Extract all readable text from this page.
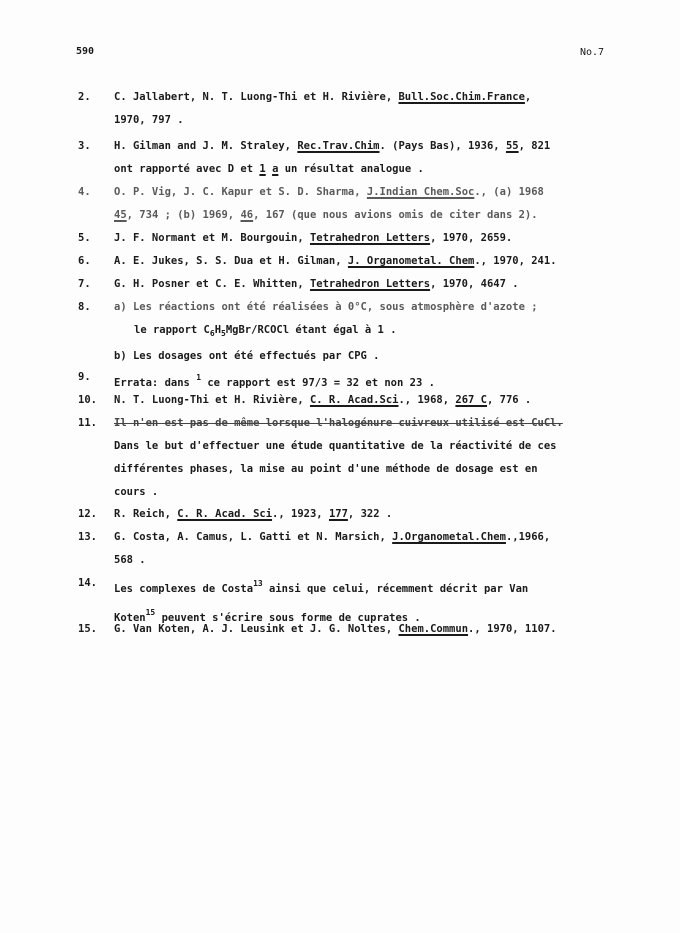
590	No.7
2.	C. Jallabert, N. T. Luong-Thi et H. Rivière, Bull.Soc.Chim.France,
1970, 797 .
3.	H. Gilman and J. M. Straley, Rec.Trav.Chim. (Pays Bas), 1936, 55, 821
ont rapporté avec D et 1 a un résultat analogue .
4.	O. P. Vig, J. C. Kapur et S. D. Sharma, J.Indian Chem.Soc., (a) 1968
45, 734 ; (b) 1969, 46, 167 (que nous avions omis de citer dans 2).
5.	J. F. Normant et M. Bourgouin, Tetrahedron Letters, 1970, 2659.
6.	A. E. Jukes, S. S. Dua et H. Gilman, J. Organometal. Chem., 1970, 241.
7.	G. H. Posner et C. E. Whitten, Tetrahedron Letters, 1970, 4647 .
8.	a) Les réactions ont été réalisées à 0°C, sous atmosphère d'azote ;
le rapport $C_6H_5MgBr$/RCOCl étant égal à 1 .
b) Les dosages ont été effectués par CPG .
9.	Errata: dans $^1$ ce rapport est 97/3 = 32 et non 23 .
10.	N. T. Luong-Thi et H. Rivière, C. R. Acad.Sci., 1968, 267 C, 776 .
11.	Il n'en est pas de même lorsque l'halogénure cuivreux utilisé est CuCl.
Dans le but d'effectuer une étude quantitative de la réactivité de ces
différentes phases, la mise au point d'une méthode de dosage est en
cours .
12.	R. Reich, C. R. Acad. Sci., 1923, 177, 322 .
13.	G. Costa, A. Camus, L. Gatti et N. Marsich, J.Organometal.Chem.,1966,
568 .
14.	Les complexes de Costa$^{13}$ ainsi que celui, récemment décrit par Van
Koten$^{15}$ peuvent s'écrire sous forme de cuprates .
15.	G. Van Koten, A. J. Leusink et J. G. Noltes, Chem.Commun., 1970, 1107.
